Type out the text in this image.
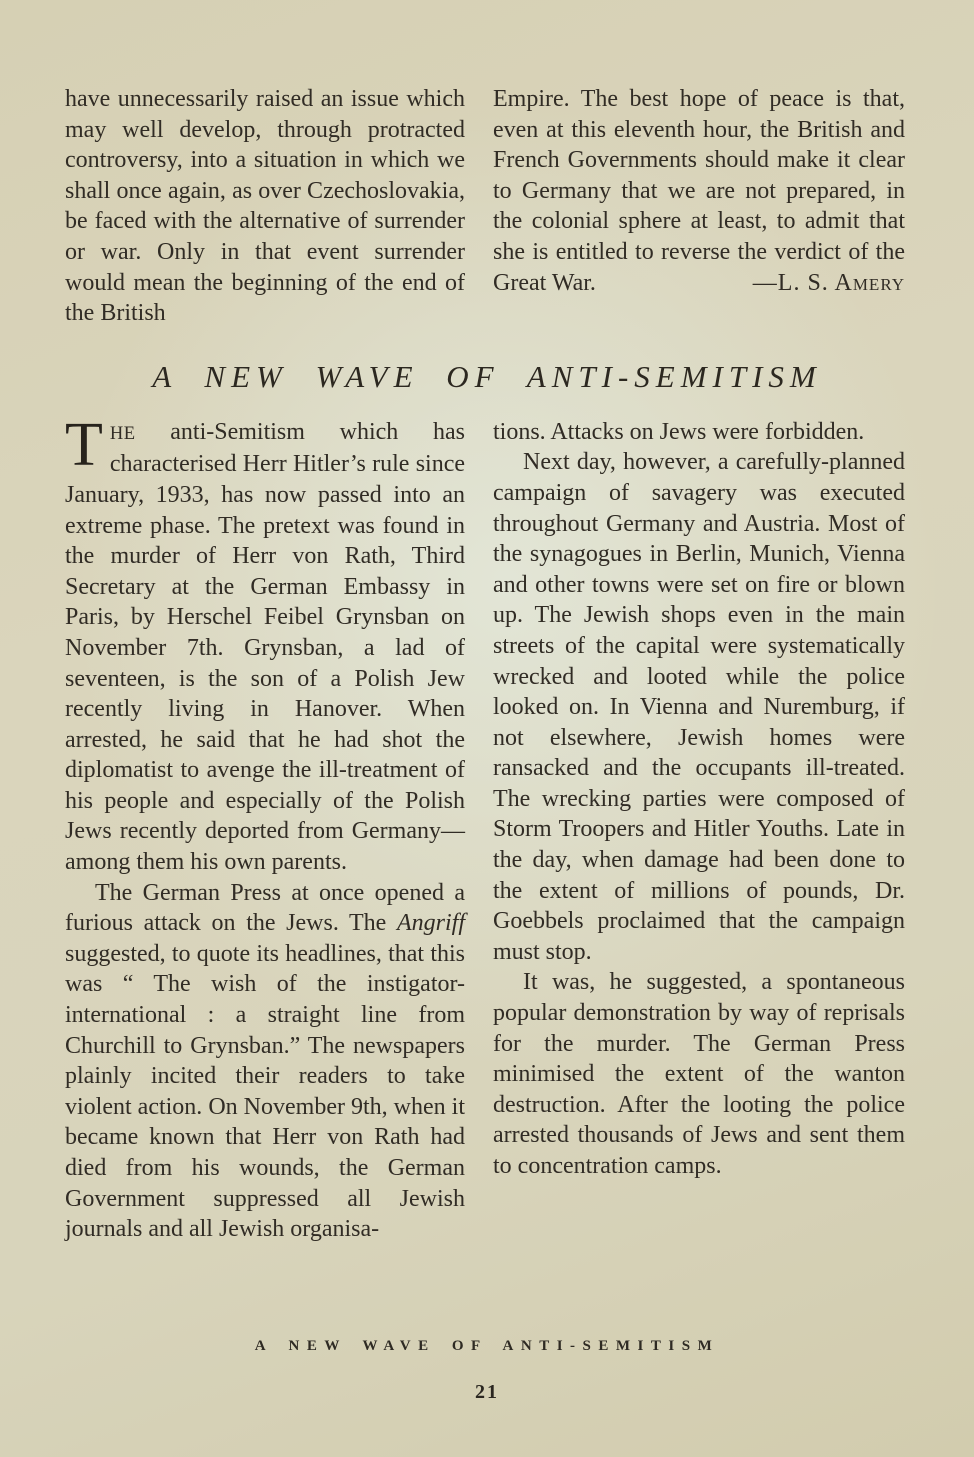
have unnecessarily raised an issue which may well develop, through protracted controversy, into a situation in which we shall once again, as over Czechoslovakia, be faced with the alternative of surrender or war. Only in that event surrender would mean the beginning of the end of the British

Empire. The best hope of peace is that, even at this eleventh hour, the British and French Governments should make it clear to Germany that we are not prepared, in the colonial sphere at least, to admit that she is entitled to reverse the verdict of the Great War.	—L. S. Amery

A NEW WAVE OF ANTI-SEMITISM

THE anti-Semitism which has characterised Herr Hitler’s rule since January, 1933, has now passed into an extreme phase. The pretext was found in the murder of Herr von Rath, Third Secretary at the German Embassy in Paris, by Herschel Feibel Grynsban on November 7th. Grynsban, a lad of seventeen, is the son of a Polish Jew recently living in Hanover. When arrested, he said that he had shot the diplomatist to avenge the ill-treatment of his people and especially of the Polish Jews recently deported from Germany—among them his own parents.

The German Press at once opened a furious attack on the Jews. The Angriff suggested, to quote its headlines, that this was “ The wish of the instigator-international : a straight line from Churchill to Grynsban.” The newspapers plainly incited their readers to take violent action. On November 9th, when it became known that Herr von Rath had died from his wounds, the German Government suppressed all Jewish journals and all Jewish organisa-

tions. Attacks on Jews were forbidden.

Next day, however, a carefully-planned campaign of savagery was executed throughout Germany and Austria. Most of the synagogues in Berlin, Munich, Vienna and other towns were set on fire or blown up. The Jewish shops even in the main streets of the capital were systematically wrecked and looted while the police looked on. In Vienna and Nuremburg, if not elsewhere, Jewish homes were ransacked and the occupants ill-treated. The wrecking parties were composed of Storm Troopers and Hitler Youths. Late in the day, when damage had been done to the extent of millions of pounds, Dr. Goebbels proclaimed that the campaign must stop.

It was, he suggested, a spontaneous popular demonstration by way of reprisals for the murder. The German Press minimised the extent of the wanton destruction. After the looting the police arrested thousands of Jews and sent them to concentration camps.

A NEW WAVE OF ANTI-SEMITISM
21
